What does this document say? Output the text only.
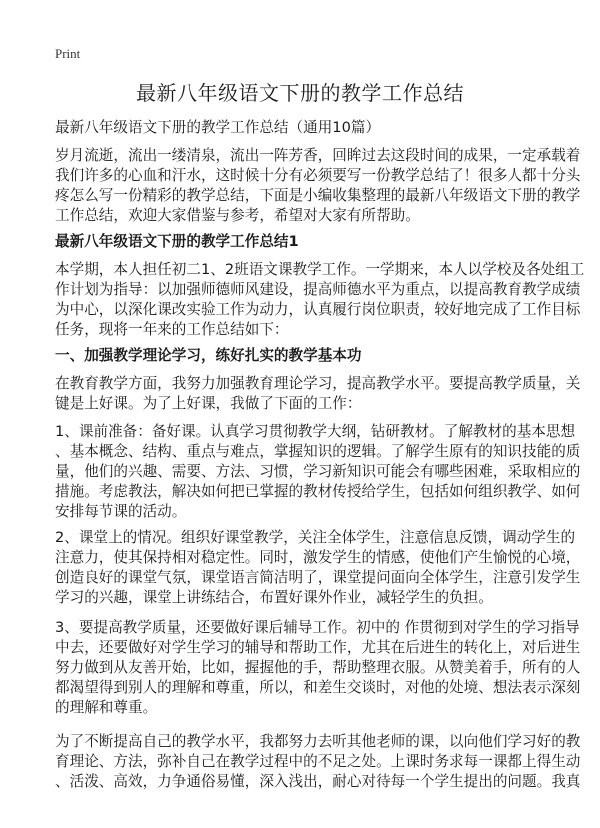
Print
最新八年级语文下册的教学工作总结
最新八年级语文下册的教学工作总结（通用10篇）
岁月流逝，流出一缕清泉，流出一阵芳香，回眸过去这段时间的成果，一定承载着
我们许多的心血和汗水，这时候十分有必须要写一份教学总结了！很多人都十分头
疼怎么写一份精彩的教学总结，下面是小编收集整理的最新八年级语文下册的教学
工作总结，欢迎大家借鉴与参考，希望对大家有所帮助。
最新八年级语文下册的教学工作总结1
本学期，本人担任初二1、2班语文课教学工作。一学期来，本人以学校及各处组工
作计划为指导：以加强师德师风建设，提高师德水平为重点，以提高教育教学成绩
为中心，以深化课改实验工作为动力，认真履行岗位职责，较好地完成了工作目标
任务，现将一年来的工作总结如下：
一、加强教学理论学习，练好扎实的教学基本功
在教育教学方面，我努力加强教育理论学习，提高教学水平。要提高教学质量，关
键是上好课。为了上好课，我做了下面的工作：
1、课前准备：备好课。认真学习贯彻教学大纲，钻研教材。了解教材的基本思想
、基本概念、结构、重点与难点，掌握知识的逻辑。了解学生原有的知识技能的质
量，他们的兴趣、需要、方法、习惯，学习新知识可能会有哪些困难，采取相应的
措施。考虑教法，解决如何把已掌握的教材传授给学生，包括如何组织教学、如何
安排每节课的活动。
2、课堂上的情况。组织好课堂教学，关注全体学生，注意信息反馈，调动学生的
注意力，使其保持相对稳定性。同时，激发学生的情感，使他们产生愉悦的心境，
创造良好的课堂气氛，课堂语言简洁明了，课堂提问面向全体学生，注意引发学生
学习的兴趣，课堂上讲练结合，布置好课外作业，减轻学生的负担。
3、要提高教学质量，还要做好课后辅导工作。初中的 作贯彻到对学生的学习指导
中去，还要做好对学生学习的辅导和帮助工作，尤其在后进生的转化上，对后进生
努力做到从友善开始，比如，握握他的手，帮助整理衣服。从赞美着手，所有的人
都渴望得到别人的理解和尊重，所以，和差生交谈时，对他的处境、想法表示深刻
的理解和尊重。
为了不断提高自己的教学水平，我都努力去听其他老师的课，以向他们学习好的教
育理论、方法，弥补自己在教学过程中的不足之处。上课时务求每一课都上得生动
、活泼、高效，力争通俗易懂，深入浅出，耐心对待每一个学生提出的问题。我真
